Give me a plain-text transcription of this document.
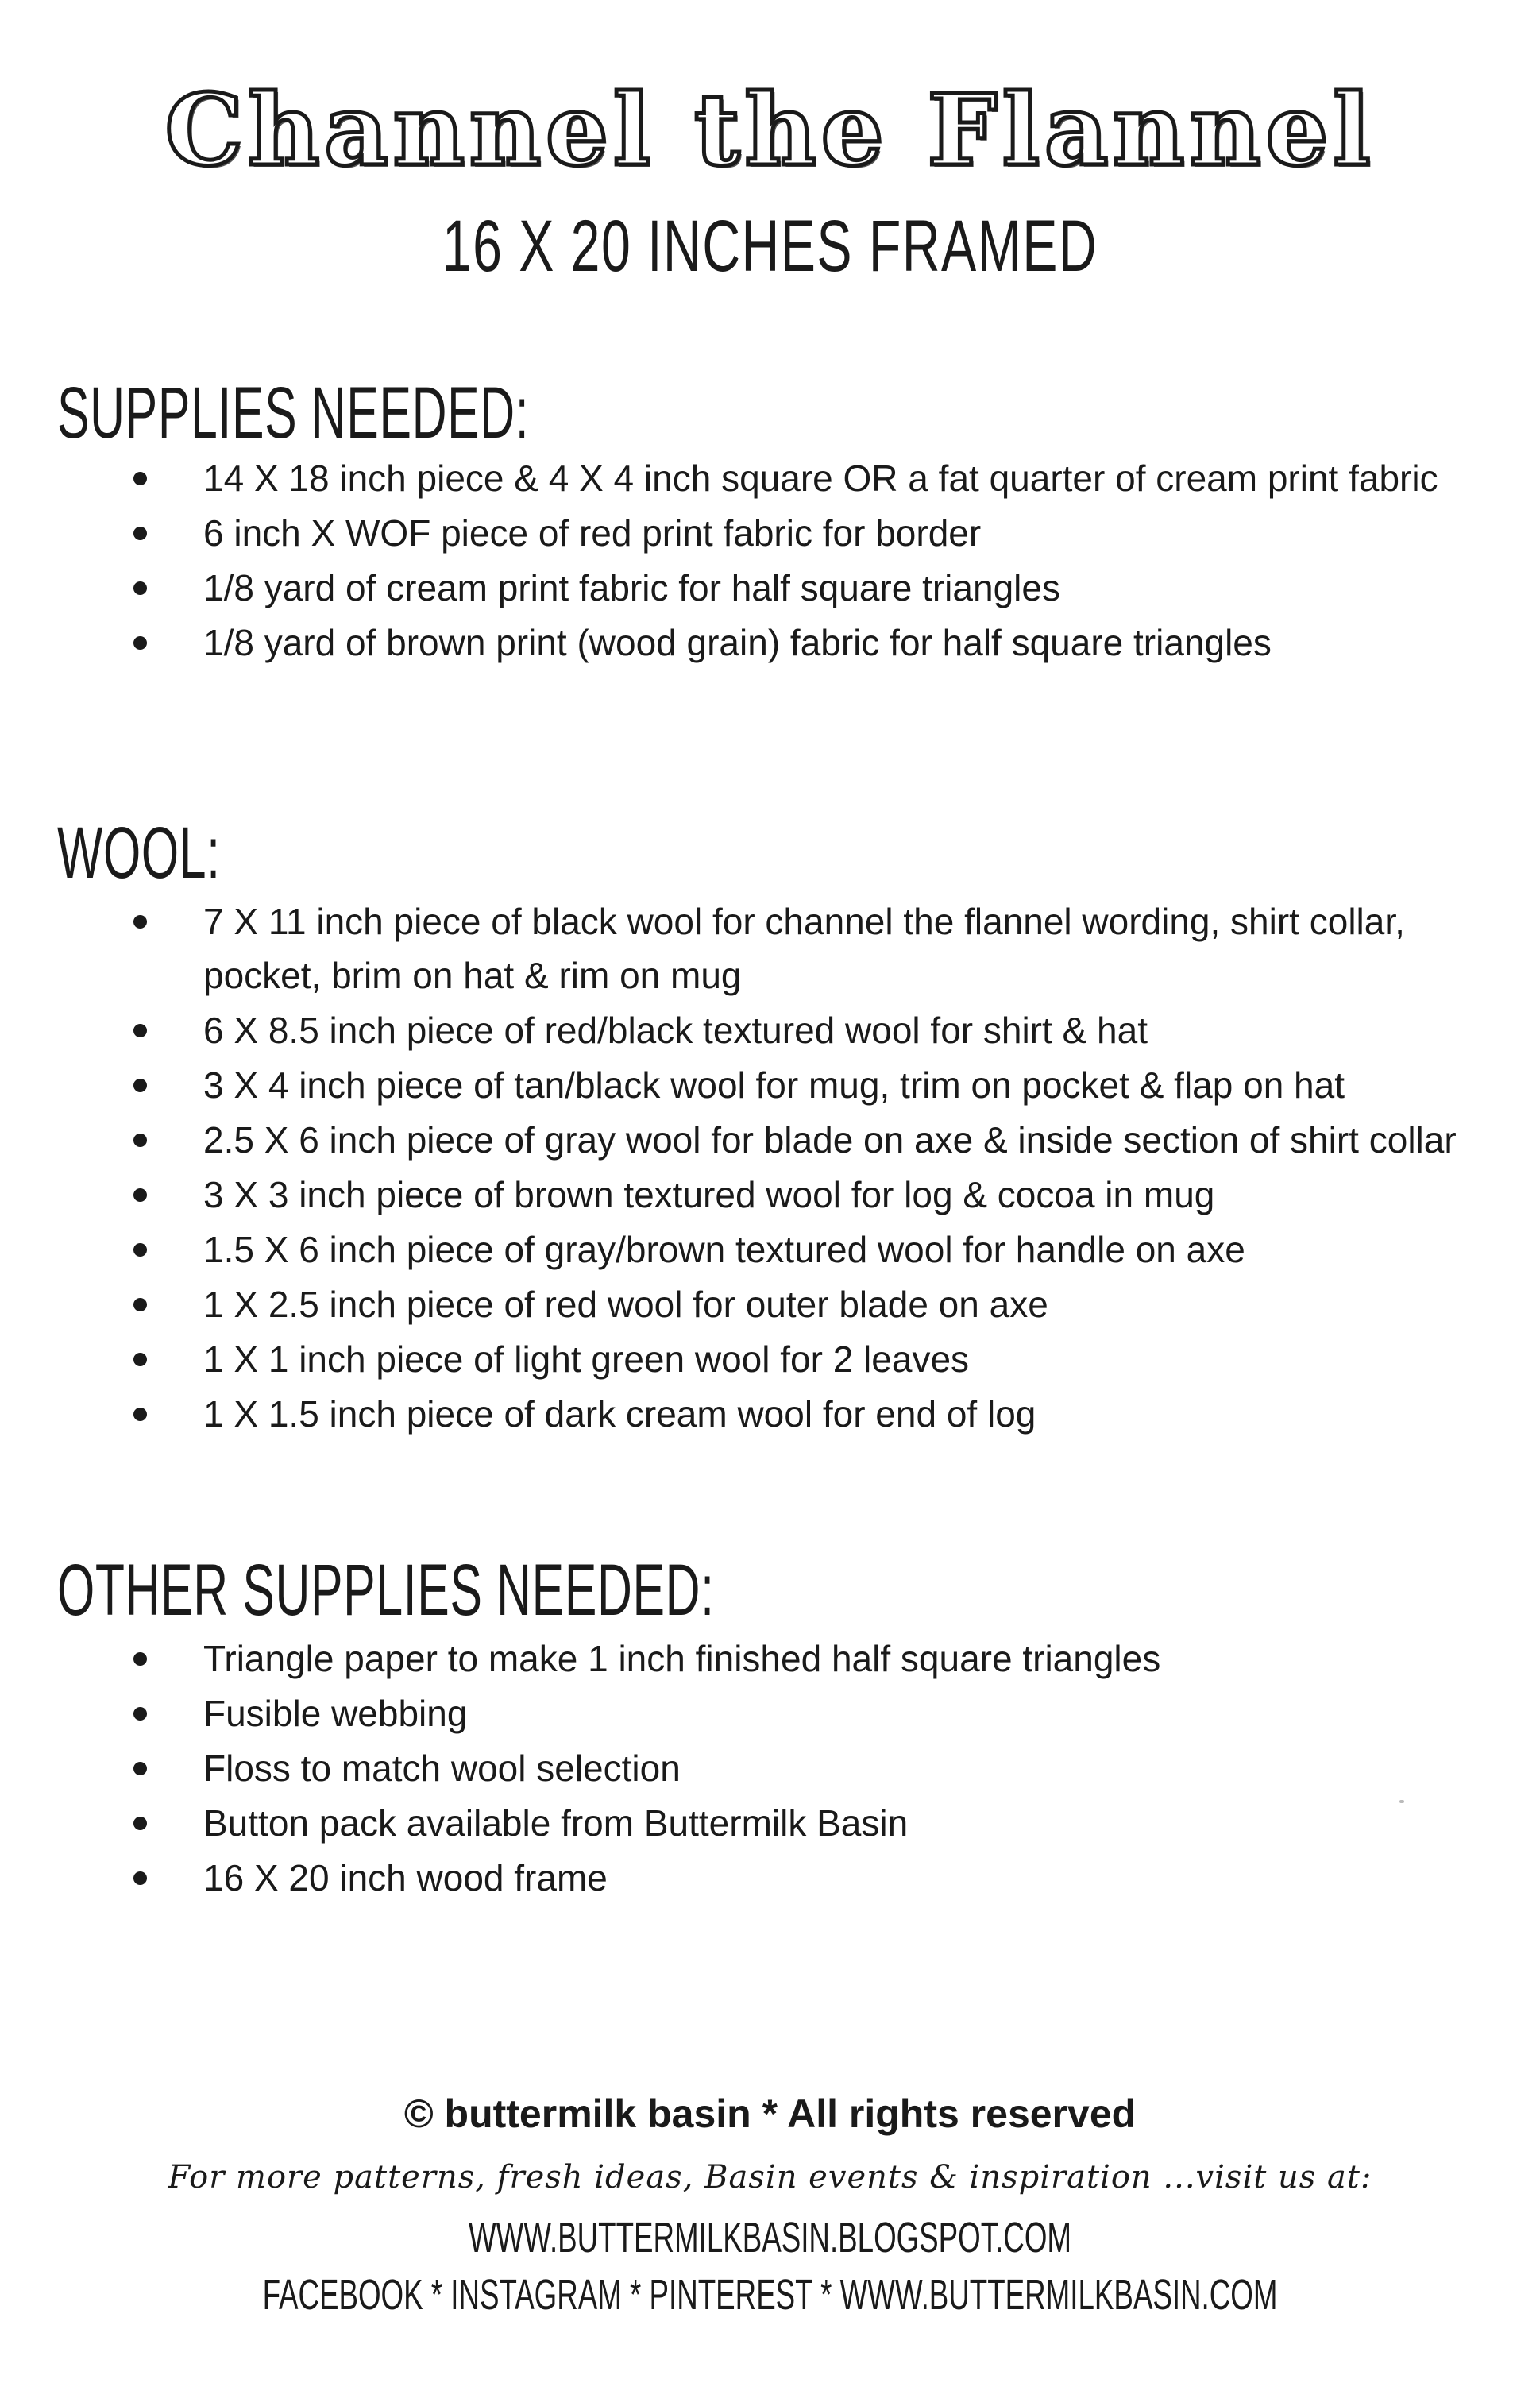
Channel the Flannel
16 X 20 INCHES FRAMED
SUPPLIES NEEDED:
14 X 18 inch piece & 4 X 4 inch square OR a fat quarter of cream print fabric
6 inch X WOF piece of red print fabric for border
1/8 yard of cream print fabric for half square triangles
1/8 yard of brown print (wood grain) fabric for half square triangles
WOOL:
7 X 11 inch piece of black wool for channel the flannel wording, shirt collar, pocket, brim on hat & rim on mug
6 X 8.5 inch piece of red/black textured wool for shirt & hat
3 X 4 inch piece of tan/black wool for mug, trim on pocket & flap on hat
2.5 X 6 inch piece of gray wool for blade on axe & inside section of shirt collar
3 X 3 inch piece of brown textured wool for log & cocoa in mug
1.5 X 6 inch piece of gray/brown textured wool for handle on axe
1 X 2.5 inch piece of red wool for outer blade on axe
1 X 1 inch piece of light green wool for 2 leaves
1 X 1.5 inch piece of dark cream wool for end of log
OTHER SUPPLIES NEEDED:
Triangle paper to make 1 inch finished half square triangles
Fusible webbing
Floss to match wool selection
Button pack available from Buttermilk Basin
16 X 20 inch wood frame
© buttermilk basin * All rights reserved
For more patterns, fresh ideas, Basin events & inspiration ...visit us at:
WWW.BUTTERMILKBASIN.BLOGSPOT.COM
FACEBOOK * INSTAGRAM * PINTEREST * WWW.BUTTERMILKBASIN.COM
